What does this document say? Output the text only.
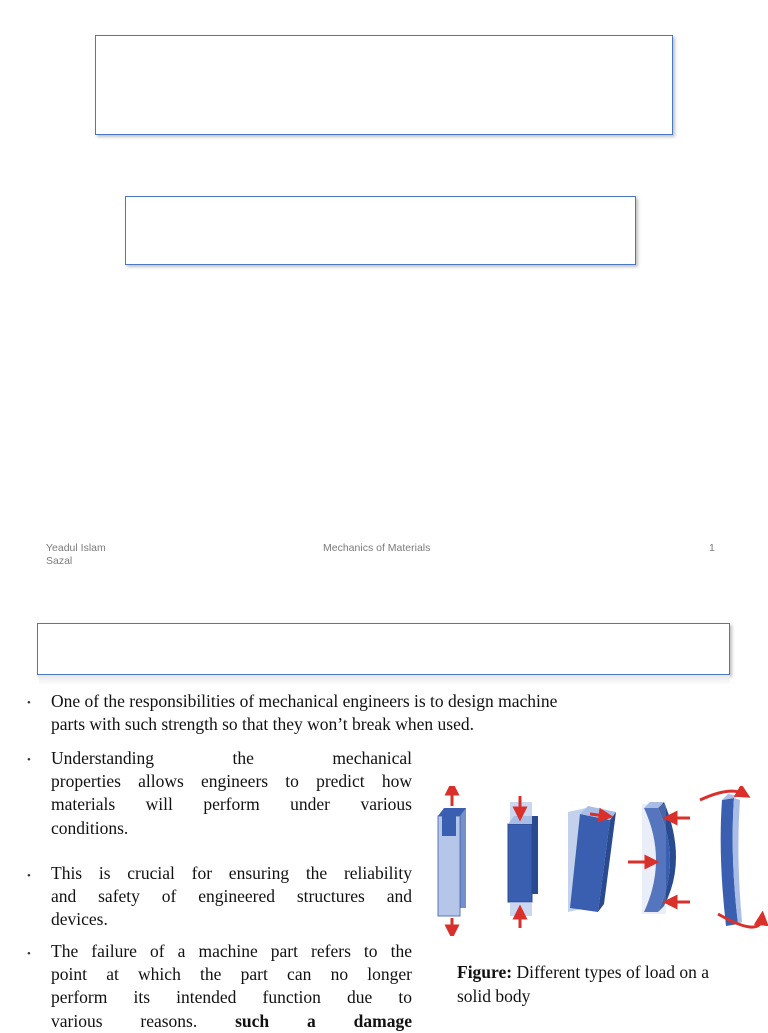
Yeadul Islam
Sazal
Mechanics of Materials	1
• One of the responsibilities of mechanical engineers is to design machine
parts with such strength so that they won’t break when used.
• Understanding the mechanical
properties allows engineers to predict how
materials will perform under various
conditions.
• This is crucial for ensuring the reliability
and safety of engineered structures and
devices.
• The failure of a machine part refers to the
point at which the part can no longer
perform its intended function due to
various reasons. such a damage
Figure: Different types of load on a solid body
